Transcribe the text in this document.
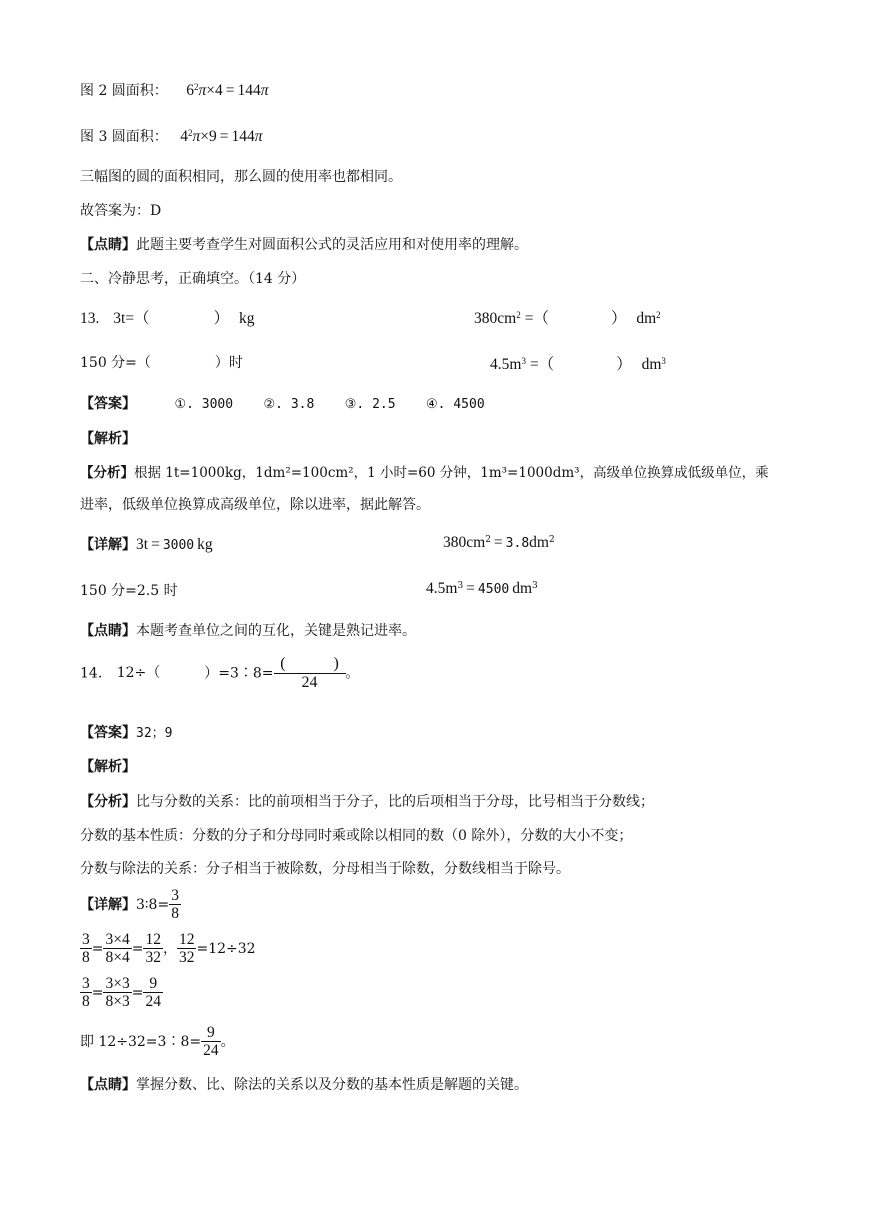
图 2 圆面积： $6^2\pi\times 4 = 144\pi$
图 3 圆面积： $4^2\pi\times 9 = 144\pi$
三幅图的圆的面积相同，那么圆的使用率也都相同。
故答案为：D
【点睛】此题主要考查学生对圆面积公式的灵活应用和对使用率的理解。
二、冷静思考，正确填空。（14 分）
13. 3t=（	） kg	$380cm^2$ =（	） $dm^2$
150 分=（	）时	$4.5m^3$ =（	） $dm^3$
【答案】	①. 3000 ②. 3.8 ③. 2.5 ④. 4500
【解析】
【分析】根据 1t=1000kg，1dm²=100cm²，1 小时=60 分钟，1m³=1000dm³，高级单位换算成低级单位，乘
进率，低级单位换算成高级单位，除以进率，据此解答。
【详解】3t = 3000 kg	$380cm^2 = 3.8dm^2$
150 分=2.5 时	$4.5m^3 = 4500$ $dm^3$
【点睛】本题考查单位之间的互化，关键是熟记进率。
14. 12÷（	）=3∶8= $\frac{( )}{24}$ 。
【答案】32；9
【解析】
【分析】比与分数的关系：比的前项相当于分子，比的后项相当于分母，比号相当于分数线；
分数的基本性质：分数的分子和分母同时乘或除以相同的数（0 除外），分数的大小不变；
分数与除法的关系：分子相当于被除数，分母相当于除数，分数线相当于除号。
【详解】3∶8= $\frac{3}{8}$
$\frac{3}{8} = \frac{3\times 4}{8\times 4} = \frac{12}{32}$ ， $\frac{12}{32} =12\div 32$
$\frac{3}{8} = \frac{3\times 3}{8\times 3} = \frac{9}{24}$
即 12÷32=3∶8= $\frac{9}{24}$ 。
【点睛】掌握分数、比、除法的关系以及分数的基本性质是解题的关键。
